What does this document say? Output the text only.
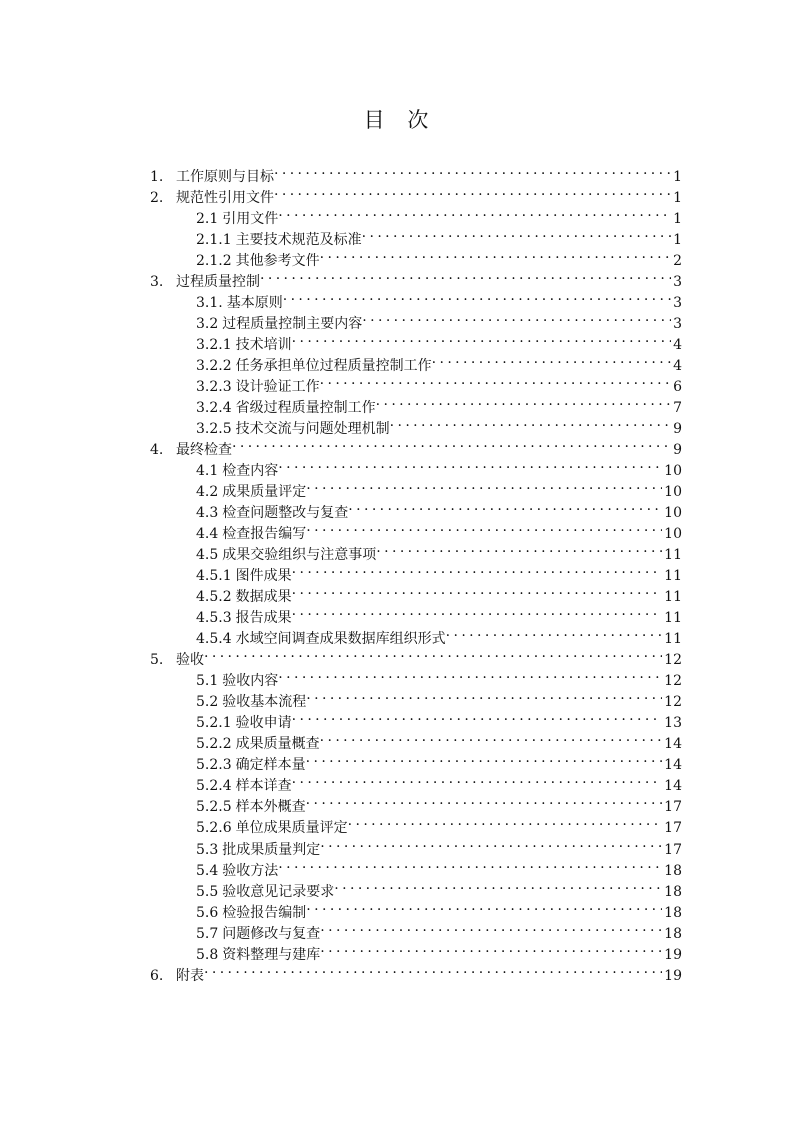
目 次
1. 工作原则与目标 .....	1
2. 规范性引用文件 .....	1
2.1 引用文件 .....	1
2.1.1 主要技术规范及标准 .....	1
2.1.2 其他参考文件 .....	2
3. 过程质量控制 .....	3
3.1. 基本原则 .....	3
3.2 过程质量控制主要内容 .....	3
3.2.1 技术培训 .....	4
3.2.2 任务承担单位过程质量控制工作 .....	4
3.2.3 设计验证工作 .....	6
3.2.4 省级过程质量控制工作 .....	7
3.2.5 技术交流与问题处理机制 .....	9
4. 最终检查 .....	9
4.1 检查内容 .....	10
4.2 成果质量评定 .....	10
4.3 检查问题整改与复查 .....	10
4.4 检查报告编写 .....	10
4.5 成果交验组织与注意事项 .....	11
4.5.1 图件成果 .....	11
4.5.2 数据成果 .....	11
4.5.3 报告成果 .....	11
4.5.4 水域空间调查成果数据库组织形式 .....	11
5. 验收 .....	12
5.1 验收内容 .....	12
5.2 验收基本流程 .....	12
5.2.1 验收申请 .....	13
5.2.2 成果质量概查 .....	14
5.2.3 确定样本量 .....	14
5.2.4 样本详查 .....	14
5.2.5 样本外概查 .....	17
5.2.6 单位成果质量评定 .....	17
5.3 批成果质量判定 .....	17
5.4 验收方法 .....	18
5.5 验收意见记录要求 .....	18
5.6 检验报告编制 .....	18
5.7 问题修改与复查 .....	18
5.8 资料整理与建库 .....	19
6. 附表 .....	19
